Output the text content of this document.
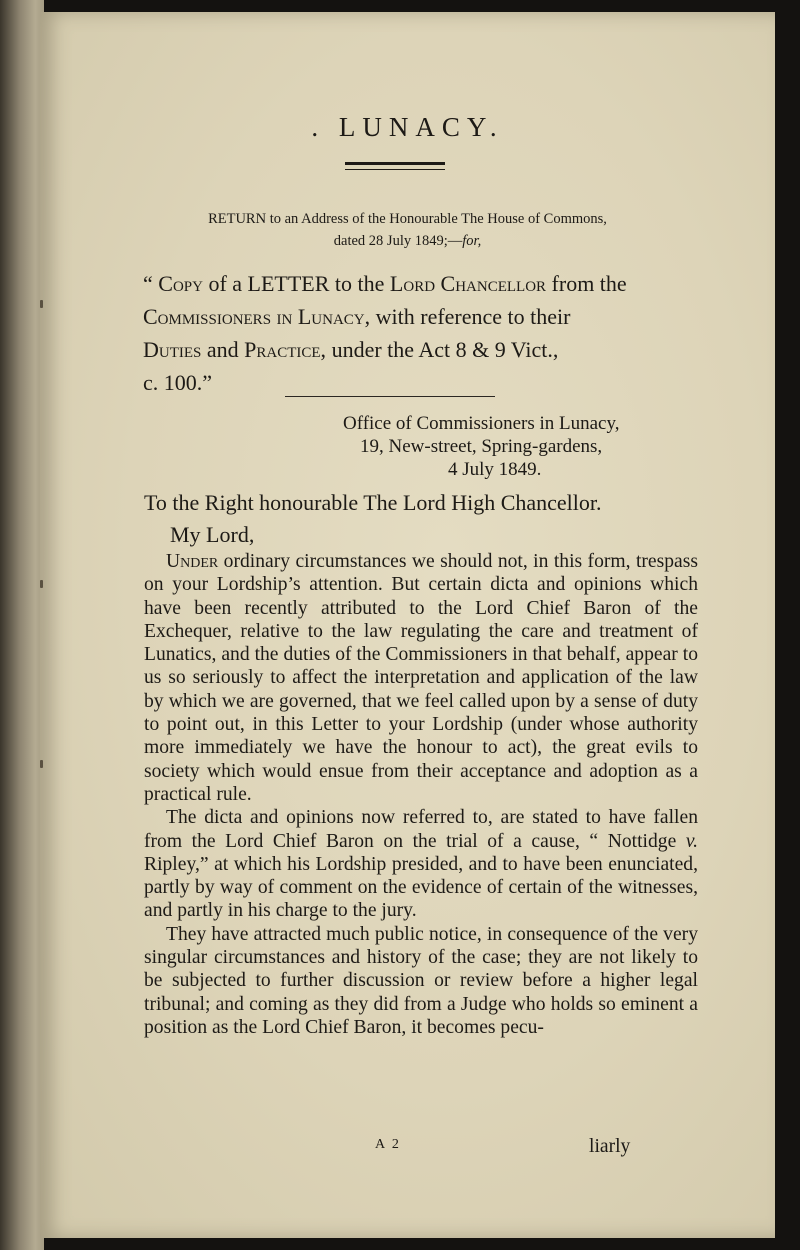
. LUNACY.

RETURN to an Address of the Honourable The House of Commons,
dated 28 July 1849;—for,

“ Copy of a LETTER to the Lord Chancellor from the
Commissioners in Lunacy, with reference to their
Duties and Practice, under the Act 8 & 9 Vict.,
c. 100.”

Office of Commissioners in Lunacy,
19, New-street, Spring-gardens,
4 July 1849.

To the Right honourable The Lord High Chancellor.

My Lord,

Under ordinary circumstances we should not, in this form, trespass on your Lordship’s attention. But certain dicta and opinions which have been recently attributed to the Lord Chief Baron of the Exchequer, relative to the law regulating the care and treatment of Lunatics, and the duties of the Commissioners in that behalf, appear to us so seriously to affect the interpretation and application of the law by which we are governed, that we feel called upon by a sense of duty to point out, in this Letter to your Lordship (under whose authority more immediately we have the honour to act), the great evils to society which would ensue from their acceptance and adoption as a practical rule.

The dicta and opinions now referred to, are stated to have fallen from the Lord Chief Baron on the trial of a cause, “ Nottidge v. Ripley,” at which his Lordship presided, and to have been enunciated, partly by way of comment on the evidence of certain of the witnesses, and partly in his charge to the jury.

They have attracted much public notice, in consequence of the very singular circumstances and history of the case; they are not likely to be subjected to further discussion or review before a higher legal tribunal; and coming as they did from a Judge who holds so eminent a position as the Lord Chief Baron, it becomes pecu-

A 2	liarly
